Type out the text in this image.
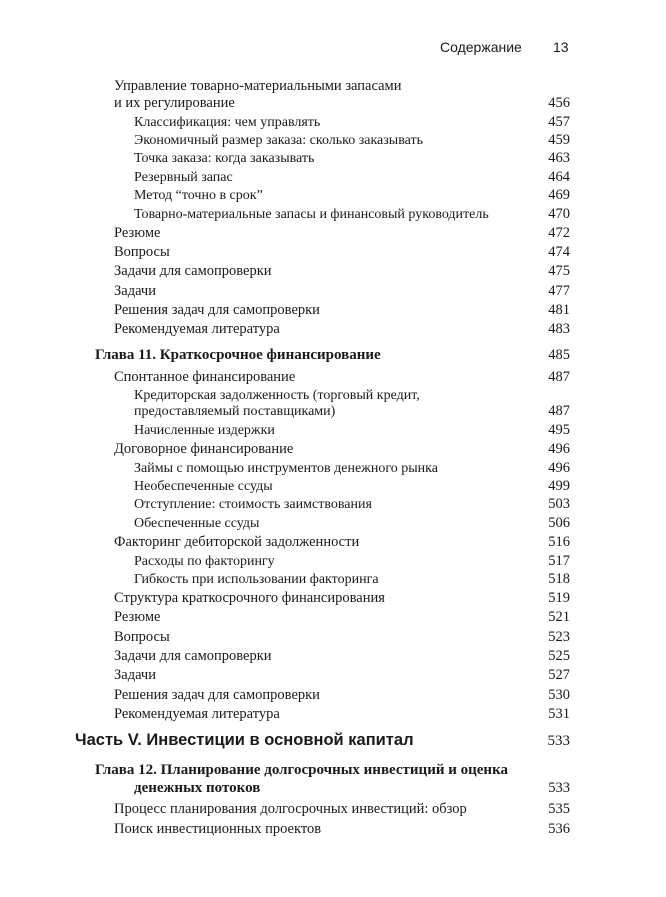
Содержание 13
Управление товарно-материальными запасами
и их регулирование	456
Классификация: чем управлять	457
Экономичный размер заказа: сколько заказывать	459
Точка заказа: когда заказывать	463
Резервный запас	464
Метод “точно в срок”	469
Товарно-материальные запасы и финансовый руководитель	470
Резюме	472
Вопросы	474
Задачи для самопроверки	475
Задачи	477
Решения задач для самопроверки	481
Рекомендуемая литература	483
Глава 11. Краткосрочное финансирование	485
Спонтанное финансирование	487
Кредиторская задолженность (торговый кредит,
предоставляемый поставщиками)	487
Начисленные издержки	495
Договорное финансирование	496
Займы с помощью инструментов денежного рынка	496
Необеспеченные ссуды	499
Отступление: стоимость заимствования	503
Обеспеченные ссуды	506
Факторинг дебиторской задолженности	516
Расходы по факторингу	517
Гибкость при использовании факторинга	518
Структура краткосрочного финансирования	519
Резюме	521
Вопросы	523
Задачи для самопроверки	525
Задачи	527
Решения задач для самопроверки	530
Рекомендуемая литература	531
Часть V. Инвестиции в основной капитал	533
Глава 12. Планирование долгосрочных инвестиций и оценка
денежных потоков	533
Процесс планирования долгосрочных инвестиций: обзор	535
Поиск инвестиционных проектов	536
